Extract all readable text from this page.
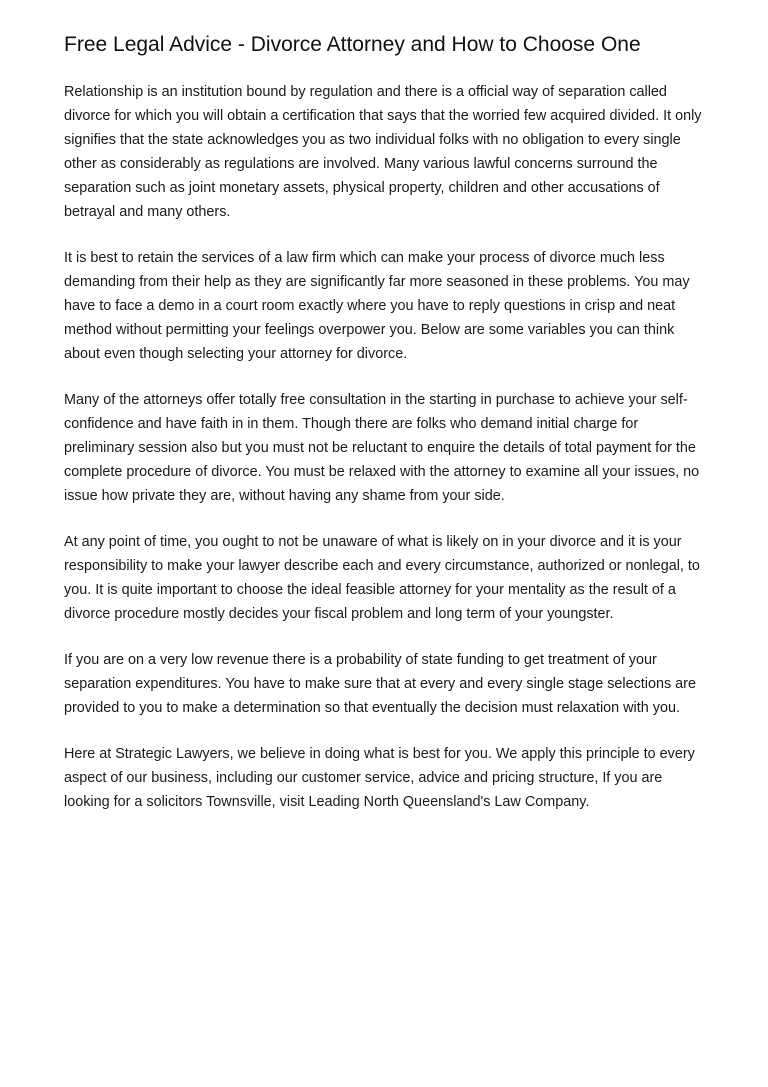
Free Legal Advice - Divorce Attorney and How to Choose One

Relationship is an institution bound by regulation and there is a official way of separation called divorce for which you will obtain a certification that says that the worried few acquired divided. It only signifies that the state acknowledges you as two individual folks with no obligation to every single other as considerably as regulations are involved. Many various lawful concerns surround the separation such as joint monetary assets, physical property, children and other accusations of betrayal and many others.

It is best to retain the services of a law firm which can make your process of divorce much less demanding from their help as they are significantly far more seasoned in these problems. You may have to face a demo in a court room exactly where you have to reply questions in crisp and neat method without permitting your feelings overpower you. Below are some variables you can think about even though selecting your attorney for divorce.

Many of the attorneys offer totally free consultation in the starting in purchase to achieve your self-confidence and have faith in in them. Though there are folks who demand initial charge for preliminary session also but you must not be reluctant to enquire the details of total payment for the complete procedure of divorce. You must be relaxed with the attorney to examine all your issues, no issue how private they are, without having any shame from your side.

At any point of time, you ought to not be unaware of what is likely on in your divorce and it is your responsibility to make your lawyer describe each and every circumstance, authorized or nonlegal, to you. It is quite important to choose the ideal feasible attorney for your mentality as the result of a divorce procedure mostly decides your fiscal problem and long term of your youngster.

If you are on a very low revenue there is a probability of state funding to get treatment of your separation expenditures. You have to make sure that at every and every single stage selections are provided to you to make a determination so that eventually the decision must relaxation with you.

Here at Strategic Lawyers, we believe in doing what is best for you. We apply this principle to every aspect of our business, including our customer service, advice and pricing structure, If you are looking for a solicitors Townsville, visit Leading North Queensland's Law Company.
